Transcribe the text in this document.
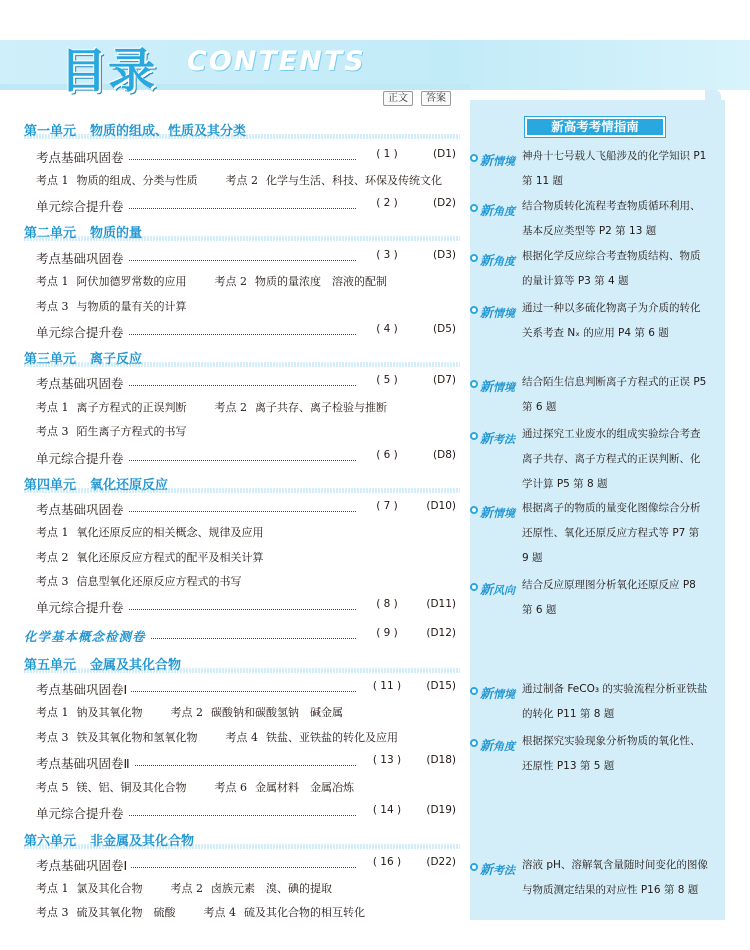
目录 CONTENTS
正文	答案
新高考考情指南
新情境 神舟十七号载人飞船涉及的化学知识 P1 第 11 题
新角度 结合物质转化流程考查物质循环利用、基本反应类型等 P2 第 13 题
新角度 根据化学反应综合考查物质结构、物质的量计算等 P3 第 4 题
新情境 通过一种以多硫化物离子为介质的转化关系考查 Nₓ 的应用 P4 第 6 题
新情境 结合陌生信息判断离子方程式的正误 P5 第 6 题
新考法 通过探究工业废水的组成实验综合考查离子共存、离子方程式的正误判断、化学计算 P5 第 8 题
新情境 根据离子的物质的量变化图像综合分析还原性、氧化还原反应方程式等 P7 第 9 题
新风向 结合反应原理图分析氧化还原反应 P8 第 6 题
新情境 通过制备 FeCO₃ 的实验流程分析亚铁盐的转化 P11 第 8 题
新角度 根据探究实验现象分析物质的氧化性、还原性 P13 第 5 题
新考法 溶液 pH、溶解氧含量随时间变化的图像与物质测定结果的对应性 P16 第 8 题
第一单元 物质的组成、性质及其分类
考点基础巩固卷	( 1 )	(D1)
考点 1 物质的组成、分类与性质	考点 2 化学与生活、科技、环保及传统文化
单元综合提升卷	( 2 )	(D2)
第二单元 物质的量
考点基础巩固卷	( 3 )	(D3)
考点 1 阿伏加德罗常数的应用	考点 2 物质的量浓度　溶液的配制
考点 3 与物质的量有关的计算
单元综合提升卷	( 4 )	(D5)
第三单元 离子反应
考点基础巩固卷	( 5 )	(D7)
考点 1 离子方程式的正误判断	考点 2 离子共存、离子检验与推断
考点 3 陌生离子方程式的书写
单元综合提升卷	( 6 )	(D8)
第四单元 氧化还原反应
考点基础巩固卷	( 7 )	(D10)
考点 1 氧化还原反应的相关概念、规律及应用
考点 2 氧化还原反应方程式的配平及相关计算
考点 3 信息型氧化还原反应方程式的书写
单元综合提升卷	( 8 )	(D11)
化学基本概念检测卷	( 9 )	(D12)
第五单元 金属及其化合物
考点基础巩固卷Ⅰ	( 11 )	(D15)
考点 1 钠及其氧化物	考点 2 碳酸钠和碳酸氢钠　碱金属
考点 3 铁及其氧化物和氢氧化物	考点 4 铁盐、亚铁盐的转化及应用
考点基础巩固卷Ⅱ	( 13 )	(D18)
考点 5 镁、铝、铜及其化合物	考点 6 金属材料　金属冶炼
单元综合提升卷	( 14 )	(D19)
第六单元 非金属及其化合物
考点基础巩固卷Ⅰ	( 16 )	(D22)
考点 1 氯及其化合物	考点 2 卤族元素　溴、碘的提取
考点 3 硫及其氧化物　硫酸	考点 4 硫及其化合物的相互转化
